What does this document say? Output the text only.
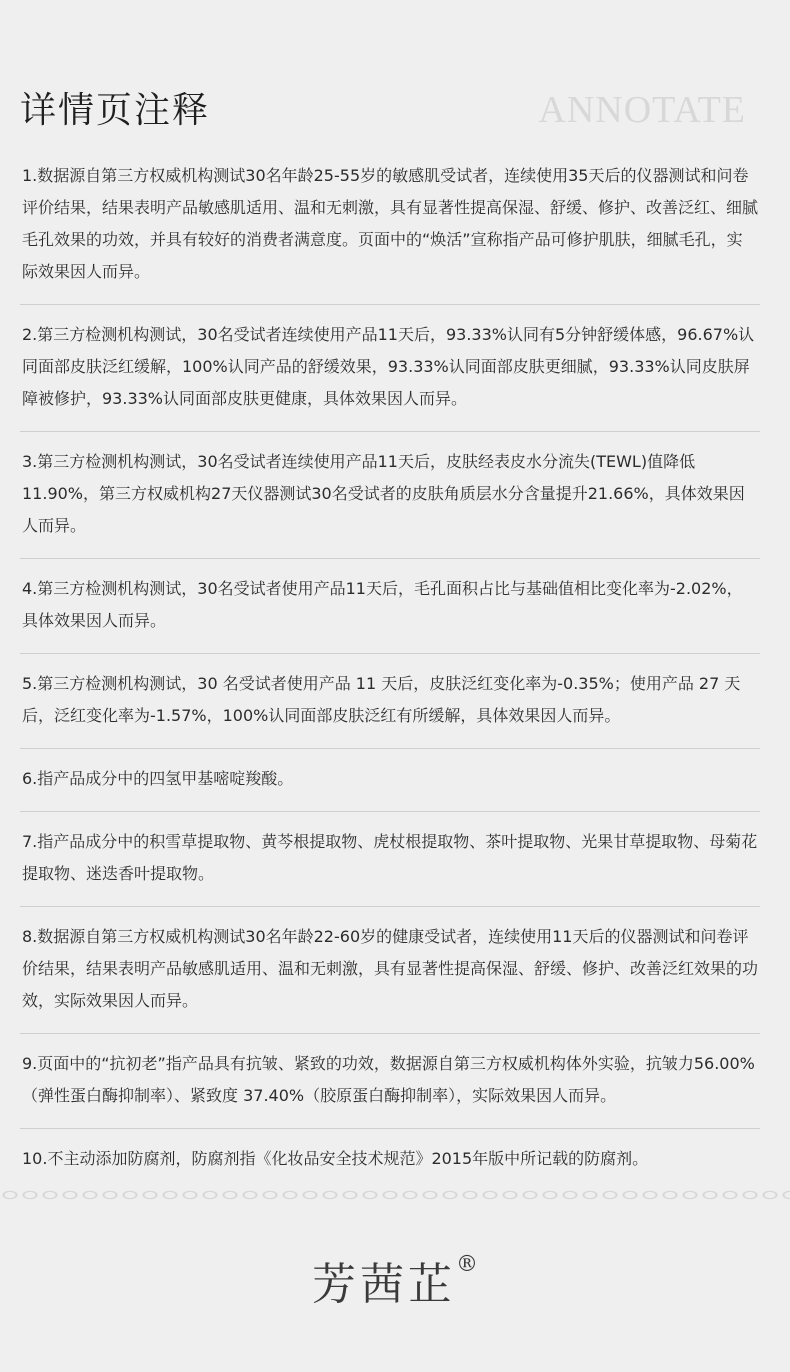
详情页注释	ANNOTATE

1.数据源自第三方权威机构测试30名年龄25-55岁的敏感肌受试者，连续使用35天后的仪器测试和问卷评价结果，结果表明产品敏感肌适用、温和无刺激，具有显著性提高保湿、舒缓、修护、改善泛红、细腻毛孔效果的功效，并具有较好的消费者满意度。页面中的“焕活”宣称指产品可修护肌肤，细腻毛孔，实际效果因人而异。

2.第三方检测机构测试，30名受试者连续使用产品11天后，93.33%认同有5分钟舒缓体感，96.67%认同面部皮肤泛红缓解，100%认同产品的舒缓效果，93.33%认同面部皮肤更细腻，93.33%认同皮肤屏障被修护，93.33%认同面部皮肤更健康，具体效果因人而异。

3.第三方检测机构测试，30名受试者连续使用产品11天后，皮肤经表皮水分流失(TEWL)值降低11.90%，第三方权威机构27天仪器测试30名受试者的皮肤角质层水分含量提升21.66%，具体效果因人而异。

4.第三方检测机构测试，30名受试者使用产品11天后，毛孔面积占比与基础值相比变化率为-2.02%，具体效果因人而异。

5.第三方检测机构测试，30 名受试者使用产品 11 天后，皮肤泛红变化率为-0.35%；使用产品 27 天后，泛红变化率为-1.57%，100%认同面部皮肤泛红有所缓解，具体效果因人而异。

6.指产品成分中的四氢甲基嘧啶羧酸。

7.指产品成分中的积雪草提取物、黄芩根提取物、虎杖根提取物、茶叶提取物、光果甘草提取物、母菊花提取物、迷迭香叶提取物。

8.数据源自第三方权威机构测试30名年龄22-60岁的健康受试者，连续使用11天后的仪器测试和问卷评价结果，结果表明产品敏感肌适用、温和无刺激，具有显著性提高保湿、舒缓、修护、改善泛红效果的功效，实际效果因人而异。

9.页面中的“抗初老”指产品具有抗皱、紧致的功效，数据源自第三方权威机构体外实验，抗皱力56.00%（弹性蛋白酶抑制率）、紧致度 37.40%（胶原蛋白酶抑制率），实际效果因人而异。

10.不主动添加防腐剂，防腐剂指《化妆品安全技术规范》2015年版中所记载的防腐剂。

芳茜芷®
